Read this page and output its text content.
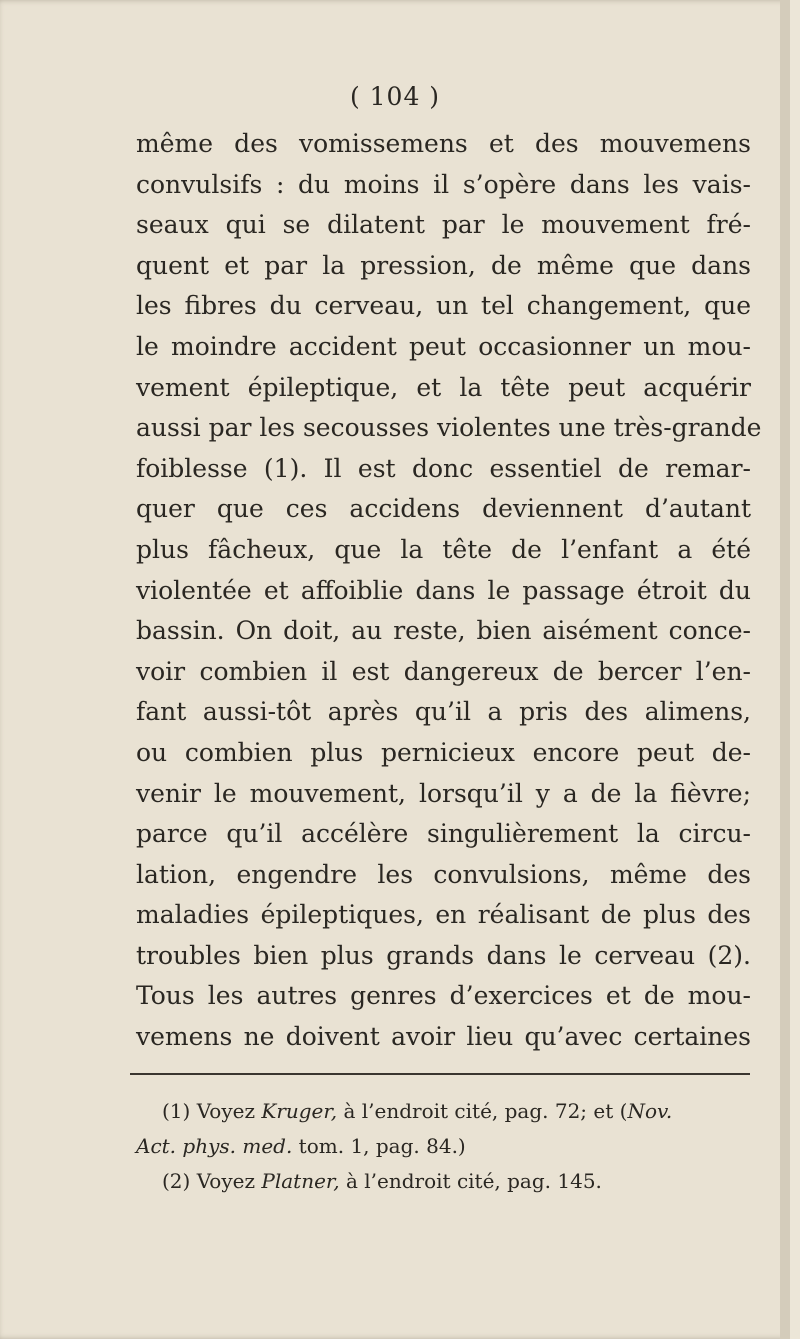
( 104 )
même des vomissemens et des mouvemens
convulsifs : du moins il s’opère dans les vais-
seaux qui se dilatent par le mouvement fré-
quent et par la pression, de même que dans
les fibres du cerveau, un tel changement, que
le moindre accident peut occasionner un mou-
vement épileptique, et la tête peut acquérir
aussi par les secousses violentes une très-grande
foiblesse (1). Il est donc essentiel de remar-
quer que ces accidens deviennent d’autant
plus fâcheux, que la tête de l’enfant a été
violentée et affoiblie dans le passage étroit du
bassin. On doit, au reste, bien aisément conce-
voir combien il est dangereux de bercer l’en-
fant aussi-tôt après qu’il a pris des alimens,
ou combien plus pernicieux encore peut de-
venir le mouvement, lorsqu’il y a de la fièvre;
parce qu’il accélère singulièrement la circu-
lation, engendre les convulsions, même des
maladies épileptiques, en réalisant de plus des
troubles bien plus grands dans le cerveau (2).
Tous les autres genres d’exercices et de mou-
vemens ne doivent avoir lieu qu’avec certaines
(1) Voyez Kruger, à l’endroit cité, pag. 72; et (Nov.
Act. phys. med. tom. 1, pag. 84.)
(2) Voyez Platner, à l’endroit cité, pag. 145.
